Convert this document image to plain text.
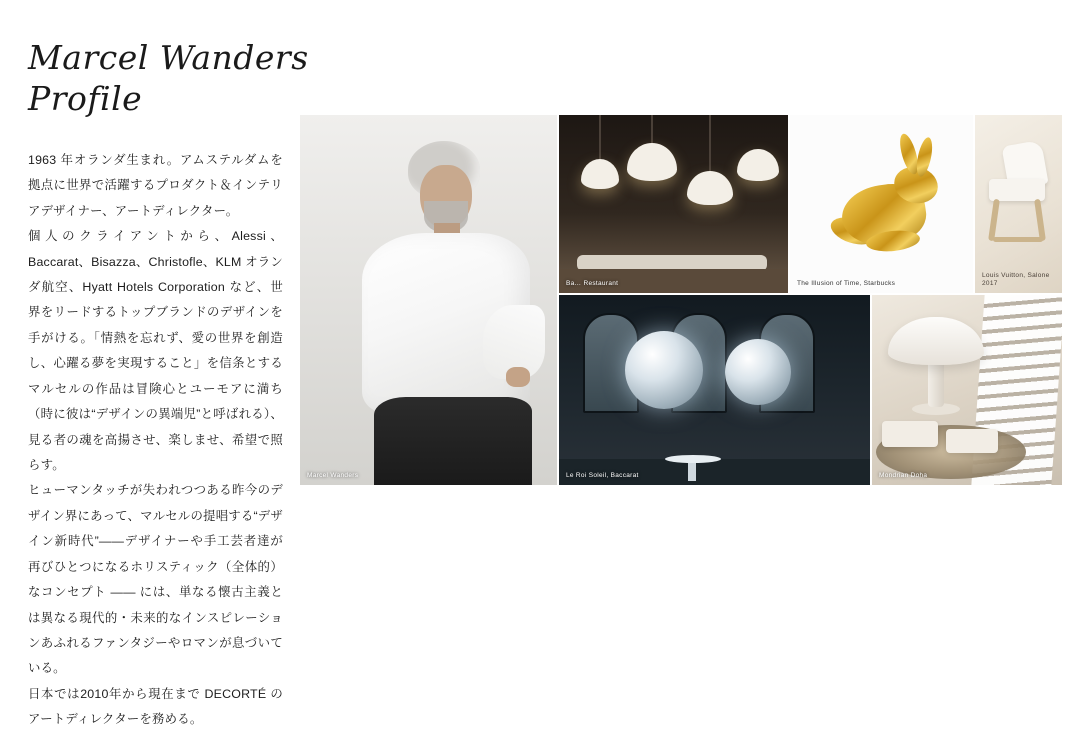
Marcel Wanders
Profile

1963 年オランダ生まれ。アムステルダムを拠点に世界で活躍するプロダクト＆インテリアデザイナー、アートディレクター。

個人のクライアントから、Alessi、Baccarat、Bisazza、Christofle、KLM オランダ航空、Hyatt Hotels Corporation など、世界をリードするトップブランドのデザインを手がける。「情熱を忘れず、愛の世界を創造し、心躍る夢を実現すること」を信条とするマルセルの作品は冒険心とユーモアに満ち（時に彼は“デザインの異端児”と呼ばれる）、見る者の魂を高揚させ、楽しませ、希望で照らす。

ヒューマンタッチが失われつつある昨今のデザイン界にあって、マルセルの提唱する“デザイン新時代”——デザイナーや手工芸者達が再びひとつになるホリスティック（全体的）なコンセプト —— には、単なる懐古主義とは異なる現代的・未来的なインスピレーションあふれるファンタジーやロマンが息づいている。

日本では2010年から現在まで DECORTÉ のアートディレクターを務める。

Marcel Wanders
Ba… Restaurant	The Illusion of Time, Starbucks
Louis Vuitton, Salone 2017
Le Roi Soleil, Baccarat	Mondrian Doha
